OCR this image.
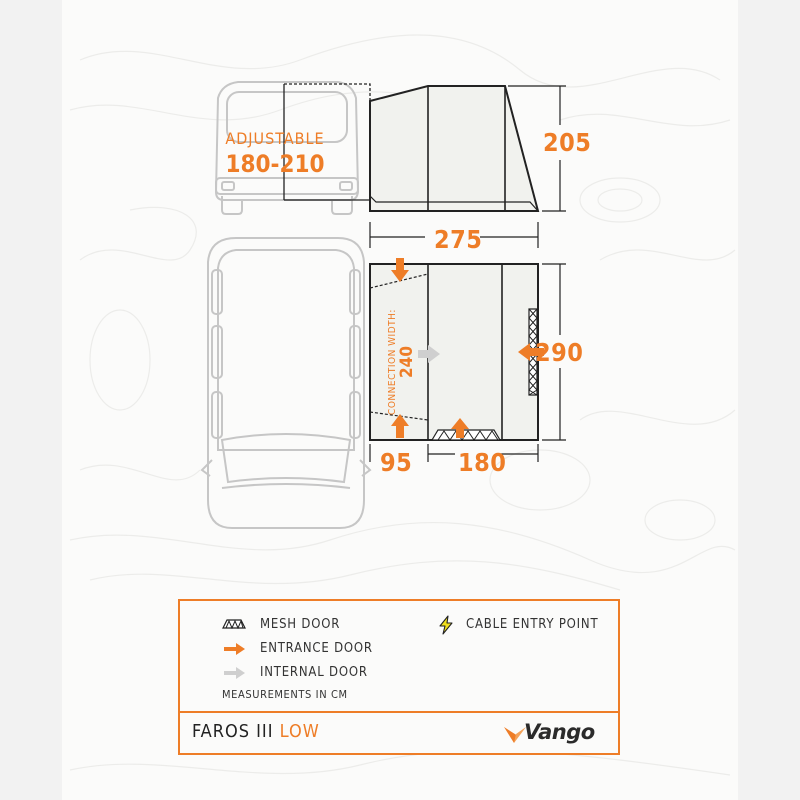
ADJUSTABLE
180-210
205
275
290
95 180
CONNECTION WIDTH: 240
MESH DOOR
ENTRANCE DOOR
INTERNAL DOOR
CABLE ENTRY POINT
MEASUREMENTS IN CM
FAROS III LOW	Vango
